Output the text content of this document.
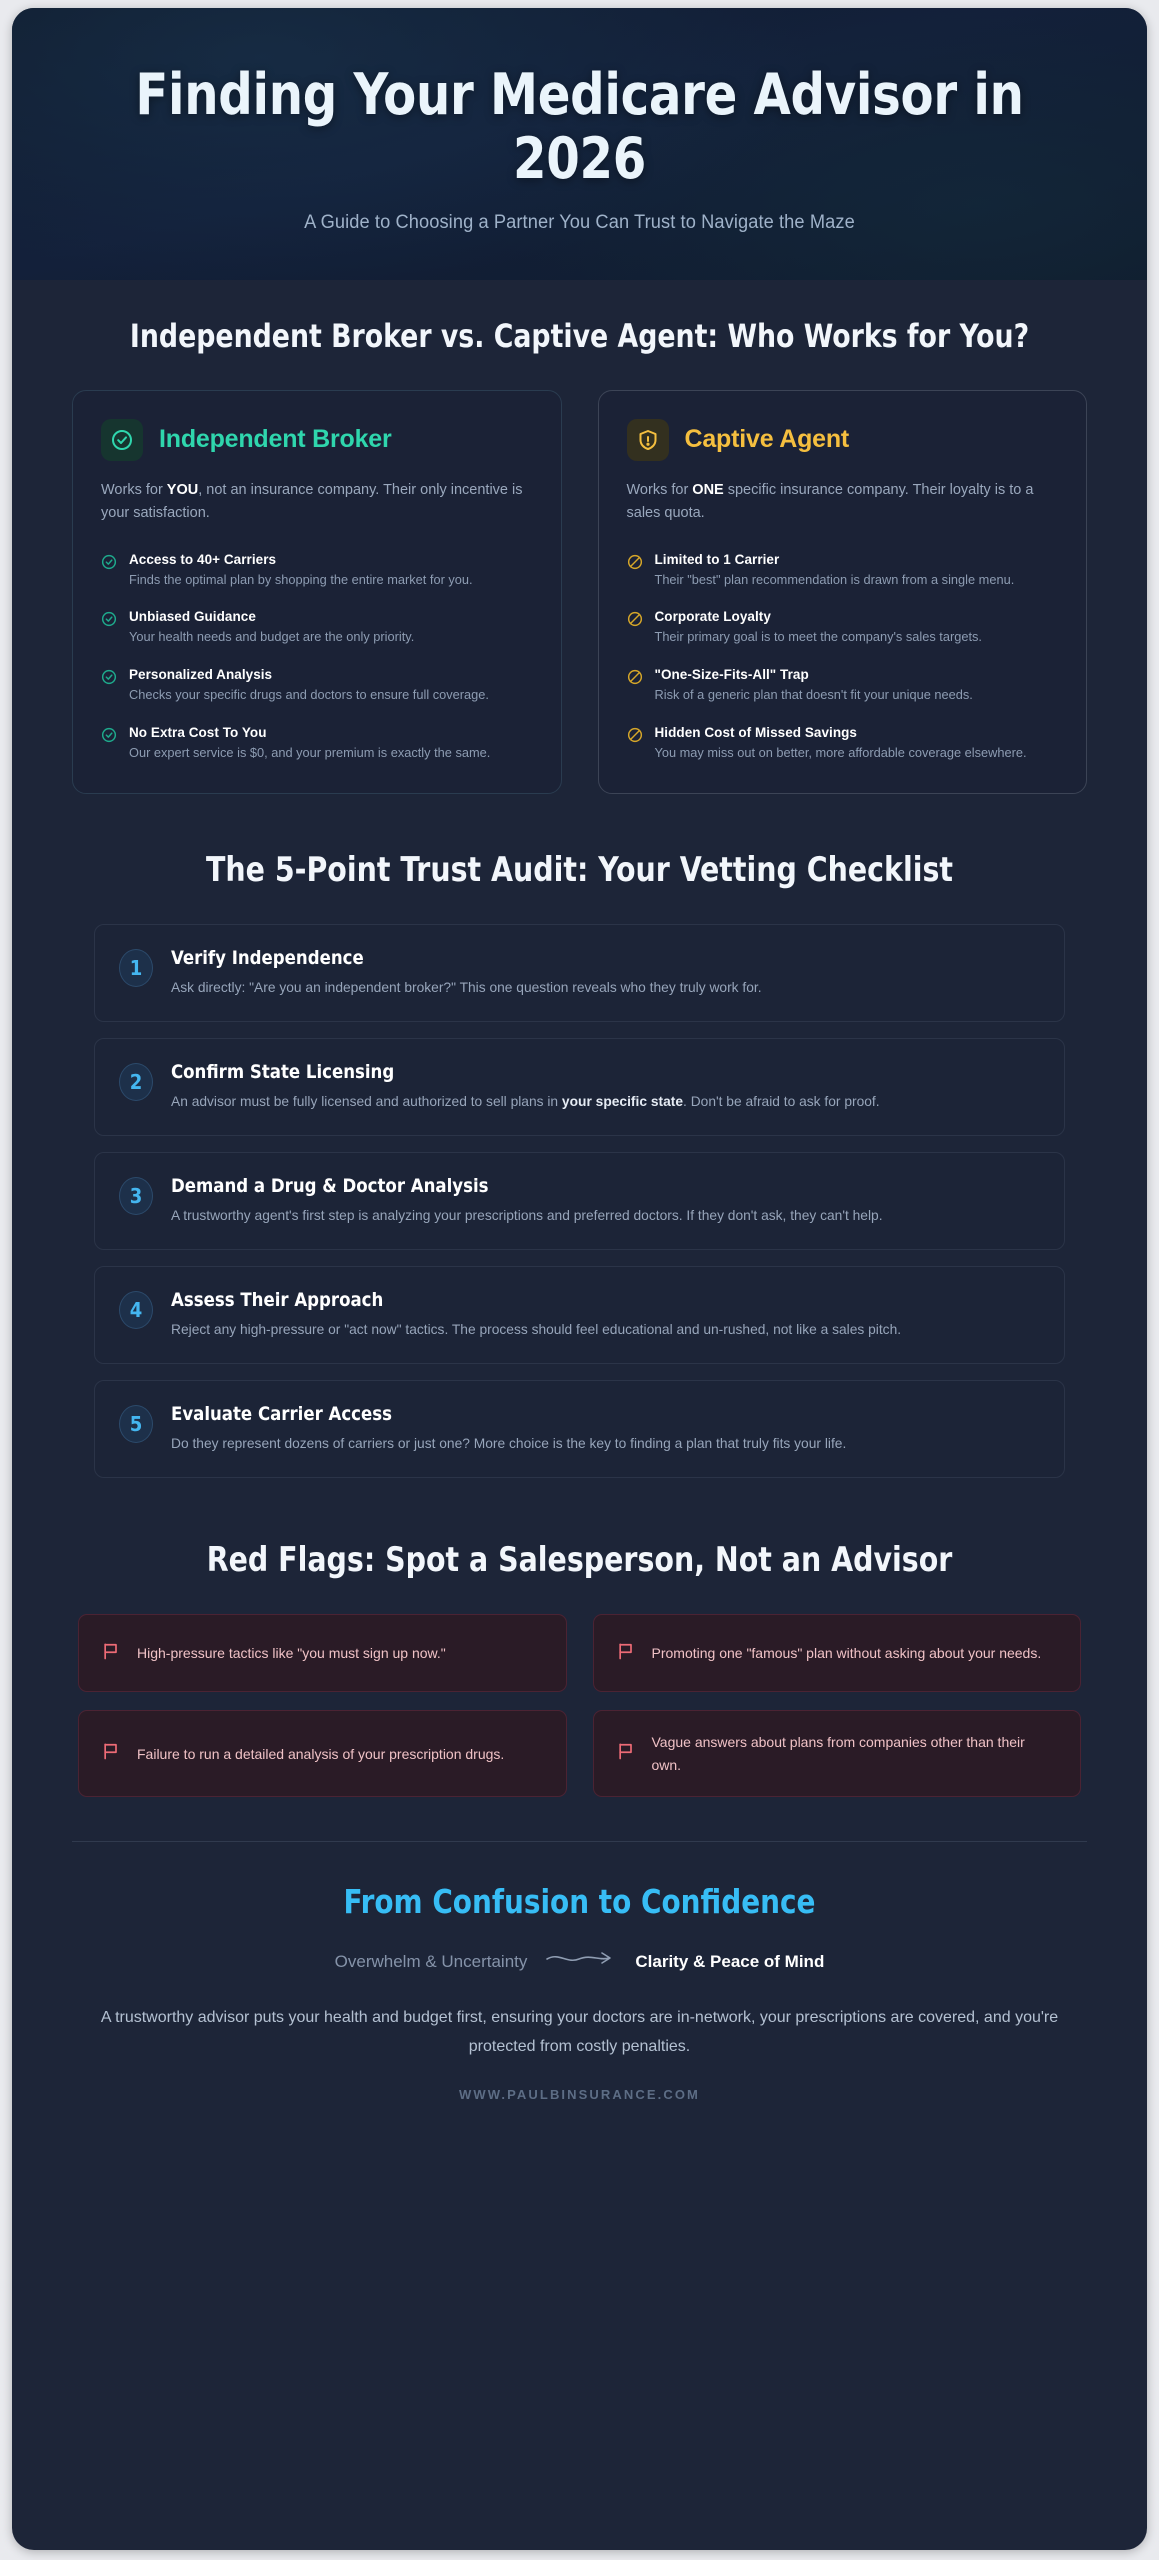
Finding Your Medicare Advisor in 2026
A Guide to Choosing a Partner You Can Trust to Navigate the Maze
Independent Broker vs. Captive Agent: Who Works for You?
Independent Broker

Works for YOU, not an insurance company. Their only incentive is your satisfaction.

Access to 40+ Carriers
Finds the optimal plan by shopping the entire market for you.
Unbiased Guidance
Your health needs and budget are the only priority.
Personalized Analysis
Checks your specific drugs and doctors to ensure full coverage.
No Extra Cost To You
Our expert service is $0, and your premium is exactly the same.
Captive Agent

Works for ONE specific insurance company. Their loyalty is to a sales quota.

Limited to 1 Carrier
Their "best" plan recommendation is drawn from a single menu.
Corporate Loyalty
Their primary goal is to meet the company's sales targets.
"One-Size-Fits-All" Trap
Risk of a generic plan that doesn't fit your unique needs.
Hidden Cost of Missed Savings
You may miss out on better, more affordable coverage elsewhere.
The 5-Point Trust Audit: Your Vetting Checklist
1	Verify Independence
Ask directly: "Are you an independent broker?" This one question reveals who they truly work for.
2	Confirm State Licensing
An advisor must be fully licensed and authorized to sell plans in your specific state. Don't be afraid to ask for proof.
3	Demand a Drug & Doctor Analysis
A trustworthy agent's first step is analyzing your prescriptions and preferred doctors. If they don't ask, they can't help.
4	Assess Their Approach
Reject any high-pressure or "act now" tactics. The process should feel educational and un-rushed, not like a sales pitch.
5	Evaluate Carrier Access
Do they represent dozens of carriers or just one? More choice is the key to finding a plan that truly fits your life.
Red Flags: Spot a Salesperson, Not an Advisor
High-pressure tactics like "you must sign up now."	Promoting one "famous" plan without asking about your needs.
Failure to run a detailed analysis of your prescription drugs.
Vague answers about plans from companies other than their own.
From Confusion to Confidence
Overwhelm & Uncertainty	Clarity & Peace of Mind

A trustworthy advisor puts your health and budget first, ensuring your doctors are in-network, your prescriptions are covered, and you're protected from costly penalties.

WWW.PAULBINSURANCE.COM
